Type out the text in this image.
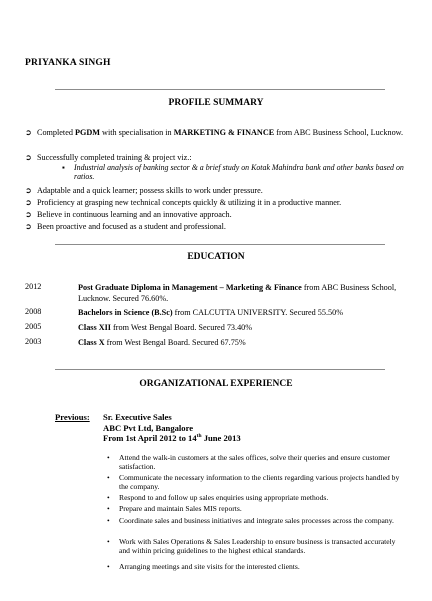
PRIYANKA SINGH
PROFILE SUMMARY
➲ Completed PGDM with specialisation in MARKETING & FINANCE from ABC Business School, Lucknow.
➲ Successfully completed training & project viz.:
▪	Industrial analysis of banking sector & a brief study on Kotak Mahindra bank and other banks based on ratios.
➲ Adaptable and a quick learner; possess skills to work under pressure.
➲ Proficiency at grasping new technical concepts quickly & utilizing it in a productive manner.
➲ Believe in continuous learning and an innovative approach.
➲ Been proactive and focused as a student and professional.
EDUCATION
2012	Post Graduate Diploma in Management – Marketing & Finance from ABC Business School, Lucknow. Secured 76.60%.
2008	Bachelors in Science (B.Sc) from CALCUTTA UNIVERSITY. Secured 55.50%
2005	Class XII from West Bengal Board. Secured 73.40%
2003	Class X from West Bengal Board. Secured 67.75%
ORGANIZATIONAL EXPERIENCE
Previous: Sr. Executive Sales
ABC Pvt Ltd, Bangalore
From 1st April 2012 to 14th June 2013
•	Attend the walk-in customers at the sales offices, solve their queries and ensure customer satisfaction.
•	Communicate the necessary information to the clients regarding various projects handled by the company.
•	Respond to and follow up sales enquiries using appropriate methods.
•	Prepare and maintain Sales MIS reports.
•	Coordinate sales and business initiatives and integrate sales processes across the company.
•	Work with Sales Operations & Sales Leadership to ensure business is transacted accurately and within pricing guidelines to the highest ethical standards.
•	Arranging meetings and site visits for the interested clients.
